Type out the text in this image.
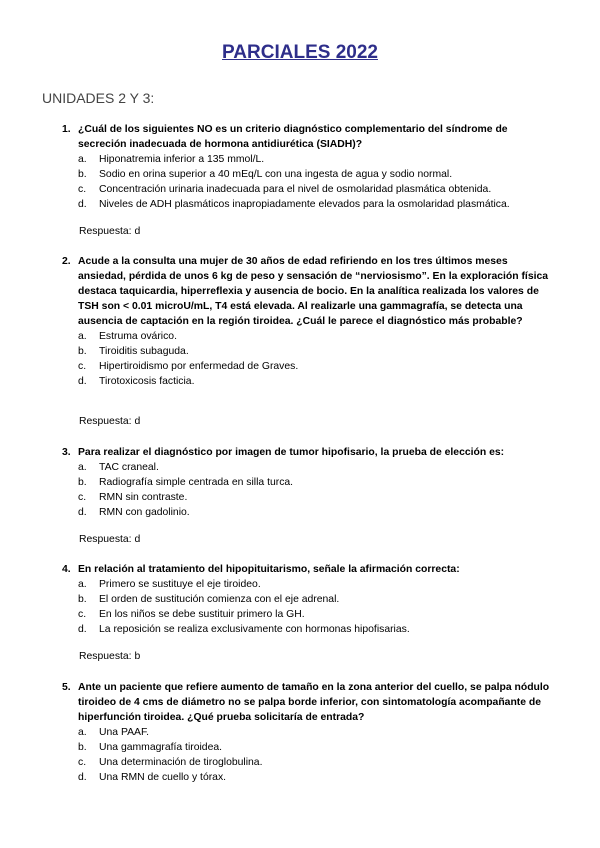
PARCIALES 2022
UNIDADES 2 Y 3:
1. ¿Cuál de los siguientes NO es un criterio diagnóstico complementario del síndrome de secreción inadecuada de hormona antidiurética (SIADH)?
a. Hiponatremia inferior a 135 mmol/L.
b. Sodio en orina superior a 40 mEq/L con una ingesta de agua y sodio normal.
c. Concentración urinaria inadecuada para el nivel de osmolaridad plasmática obtenida.
d. Niveles de ADH plasmáticos inapropiadamente elevados para la osmolaridad plasmática.
Respuesta: d
2. Acude a la consulta una mujer de 30 años de edad refiriendo en los tres últimos meses ansiedad, pérdida de unos 6 kg de peso y sensación de “nerviosismo”. En la exploración física destaca taquicardia, hiperreflexia y ausencia de bocio. En la analítica realizada los valores de TSH son < 0.01 microU/mL, T4 está elevada. Al realizarle una gammagrafía, se detecta una ausencia de captación en la región tiroidea. ¿Cuál le parece el diagnóstico más probable?
a. Estruma ovárico.
b. Tiroiditis subaguda.
c. Hipertiroidismo por enfermedad de Graves.
d. Tirotoxicosis facticia.
Respuesta: d
3. Para realizar el diagnóstico por imagen de tumor hipofisario, la prueba de elección es:
a. TAC craneal.
b. Radiografía simple centrada en silla turca.
c. RMN sin contraste.
d. RMN con gadolinio.
Respuesta: d
4. En relación al tratamiento del hipopituitarismo, señale la afirmación correcta:
a. Primero se sustituye el eje tiroideo.
b. El orden de sustitución comienza con el eje adrenal.
c. En los niños se debe sustituir primero la GH.
d. La reposición se realiza exclusivamente con hormonas hipofisarias.
Respuesta: b
5. Ante un paciente que refiere aumento de tamaño en la zona anterior del cuello, se palpa nódulo tiroideo de 4 cms de diámetro no se palpa borde inferior, con sintomatología acompañante de hiperfunción tiroidea. ¿Qué prueba solicitaría de entrada?
a. Una PAAF.
b. Una gammagrafía tiroidea.
c. Una determinación de tiroglobulina.
d. Una RMN de cuello y tórax.
